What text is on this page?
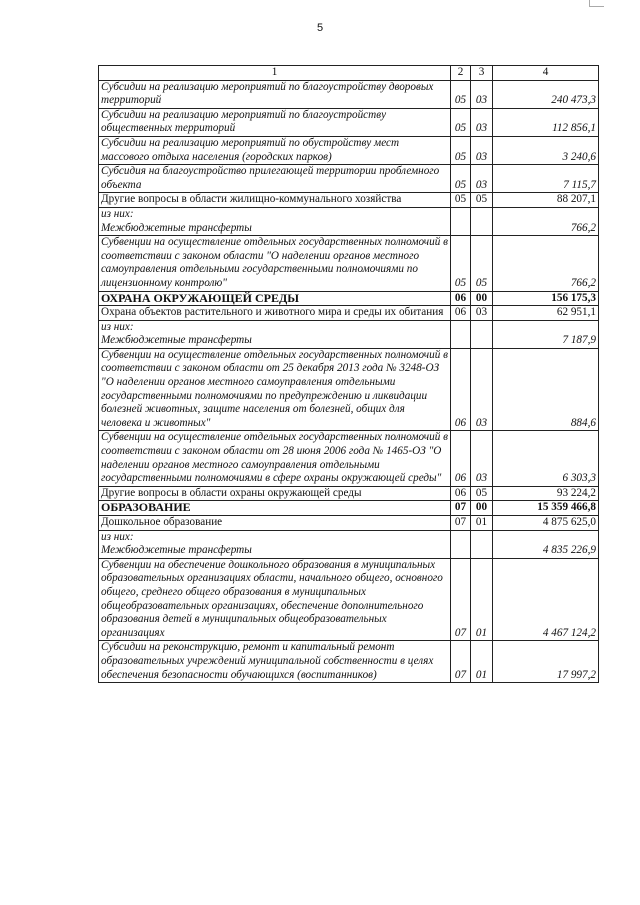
5
1	2	3	4
Субсидии на реализацию мероприятий по благоустройству дворовых территорий	05	03	240 473,3
Субсидии на реализацию мероприятий по благоустройству общественных территорий	05	03	112 856,1
Субсидии на реализацию мероприятий по обустройству мест массового отдыха населения (городских парков)	05	03	3 240,6
Субсидия на благоустройство прилегающей территории проблемного объекта	05	03	7 115,7
Другие вопросы в области жилищно-коммунального хозяйства	05	05	88 207,1
из них:			
Межбюджетные трансферты			766,2
Субвенции на осуществление отдельных государственных полномочий в соответствии с законом области "О наделении органов местного самоуправления отдельными государственными полномочиями по лицензионному контролю"	05	05	766,2
ОХРАНА ОКРУЖАЮЩЕЙ СРЕДЫ	06	00	156 175,3
Охрана объектов растительного и животного мира и среды их обитания	06	03	62 951,1
из них:			
Межбюджетные трансферты			7 187,9
Субвенции на осуществление отдельных государственных полномочий в соответствии с законом области от 25 декабря 2013 года № 3248-ОЗ "О наделении органов местного самоуправления отдельными государственными полномочиями по предупреждению и ликвидации болезней животных, защите населения от болезней, общих для человека и животных"	06	03	884,6
Субвенции на осуществление отдельных государственных полномочий в соответствии с законом области от 28 июня 2006 года № 1465-ОЗ "О наделении органов местного самоуправления отдельными государственными полномочиями в сфере охраны окружающей среды"	06	03	6 303,3
Другие вопросы в области охраны окружающей среды	06	05	93 224,2
ОБРАЗОВАНИЕ	07	00	15 359 466,8
Дошкольное образование	07	01	4 875 625,0
из них:			
Межбюджетные трансферты			4 835 226,9
Субвенции на обеспечение дошкольного образования в муниципальных образовательных организациях области, начального общего, основного общего, среднего общего образования в муниципальных общеобразовательных организациях, обеспечение дополнительного образования детей в муниципальных общеобразовательных организациях	07	01	4 467 124,2
Субсидии на реконструкцию, ремонт и капитальный ремонт образовательных учреждений муниципальной собственности в целях обеспечения безопасности обучающихся (воспитанников)	07	01	17 997,2
